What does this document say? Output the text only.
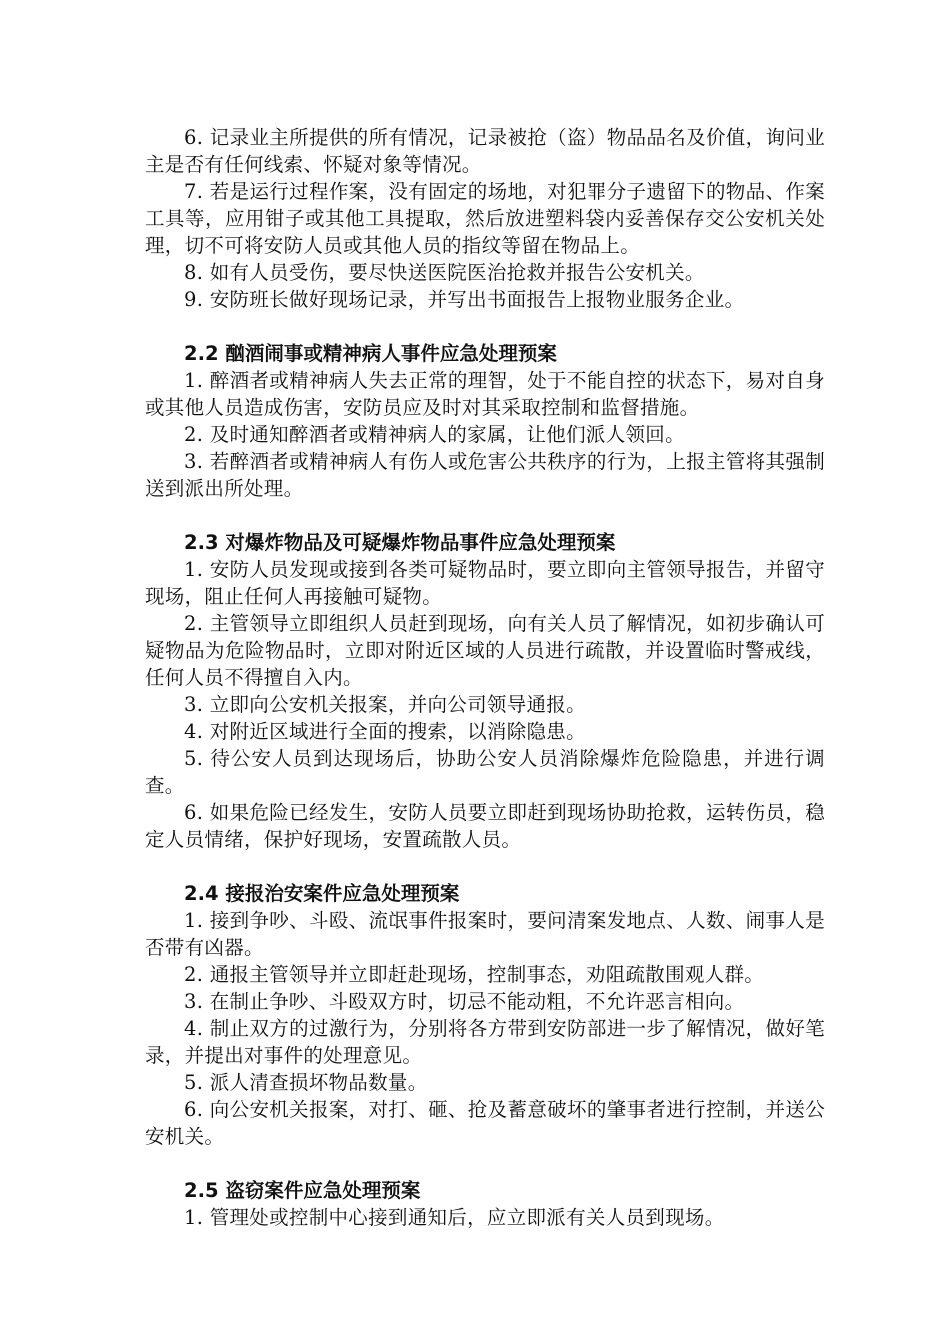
6. 记录业主所提供的所有情况，记录被抢（盗）物品品名及价值，询问业主是否有任何线索、怀疑对象等情况。

7. 若是运行过程作案，没有固定的场地，对犯罪分子遗留下的物品、作案工具等，应用钳子或其他工具提取，然后放进塑料袋内妥善保存交公安机关处理，切不可将安防人员或其他人员的指纹等留在物品上。

8. 如有人员受伤，要尽快送医院医治抢救并报告公安机关。

9. 安防班长做好现场记录，并写出书面报告上报物业服务企业。

2.2 酗酒闹事或精神病人事件应急处理预案

1. 醉酒者或精神病人失去正常的理智，处于不能自控的状态下，易对自身或其他人员造成伤害，安防员应及时对其采取控制和监督措施。

2. 及时通知醉酒者或精神病人的家属，让他们派人领回。

3. 若醉酒者或精神病人有伤人或危害公共秩序的行为，上报主管将其强制送到派出所处理。

2.3 对爆炸物品及可疑爆炸物品事件应急处理预案

1. 安防人员发现或接到各类可疑物品时，要立即向主管领导报告，并留守现场，阻止任何人再接触可疑物。

2. 主管领导立即组织人员赶到现场，向有关人员了解情况，如初步确认可疑物品为危险物品时，立即对附近区域的人员进行疏散，并设置临时警戒线，任何人员不得擅自入内。

3. 立即向公安机关报案，并向公司领导通报。

4. 对附近区域进行全面的搜索，以消除隐患。

5. 待公安人员到达现场后，协助公安人员消除爆炸危险隐患，并进行调查。

6. 如果危险已经发生，安防人员要立即赶到现场协助抢救，运转伤员，稳定人员情绪，保护好现场，安置疏散人员。

2.4 接报治安案件应急处理预案

1. 接到争吵、斗殴、流氓事件报案时，要问清案发地点、人数、闹事人是否带有凶器。

2. 通报主管领导并立即赶赴现场，控制事态，劝阻疏散围观人群。

3. 在制止争吵、斗殴双方时，切忌不能动粗，不允许恶言相向。

4. 制止双方的过激行为，分别将各方带到安防部进一步了解情况，做好笔录，并提出对事件的处理意见。

5. 派人清查损坏物品数量。

6. 向公安机关报案，对打、砸、抢及蓄意破坏的肇事者进行控制，并送公安机关。

2.5 盗窃案件应急处理预案

1. 管理处或控制中心接到通知后，应立即派有关人员到现场。
